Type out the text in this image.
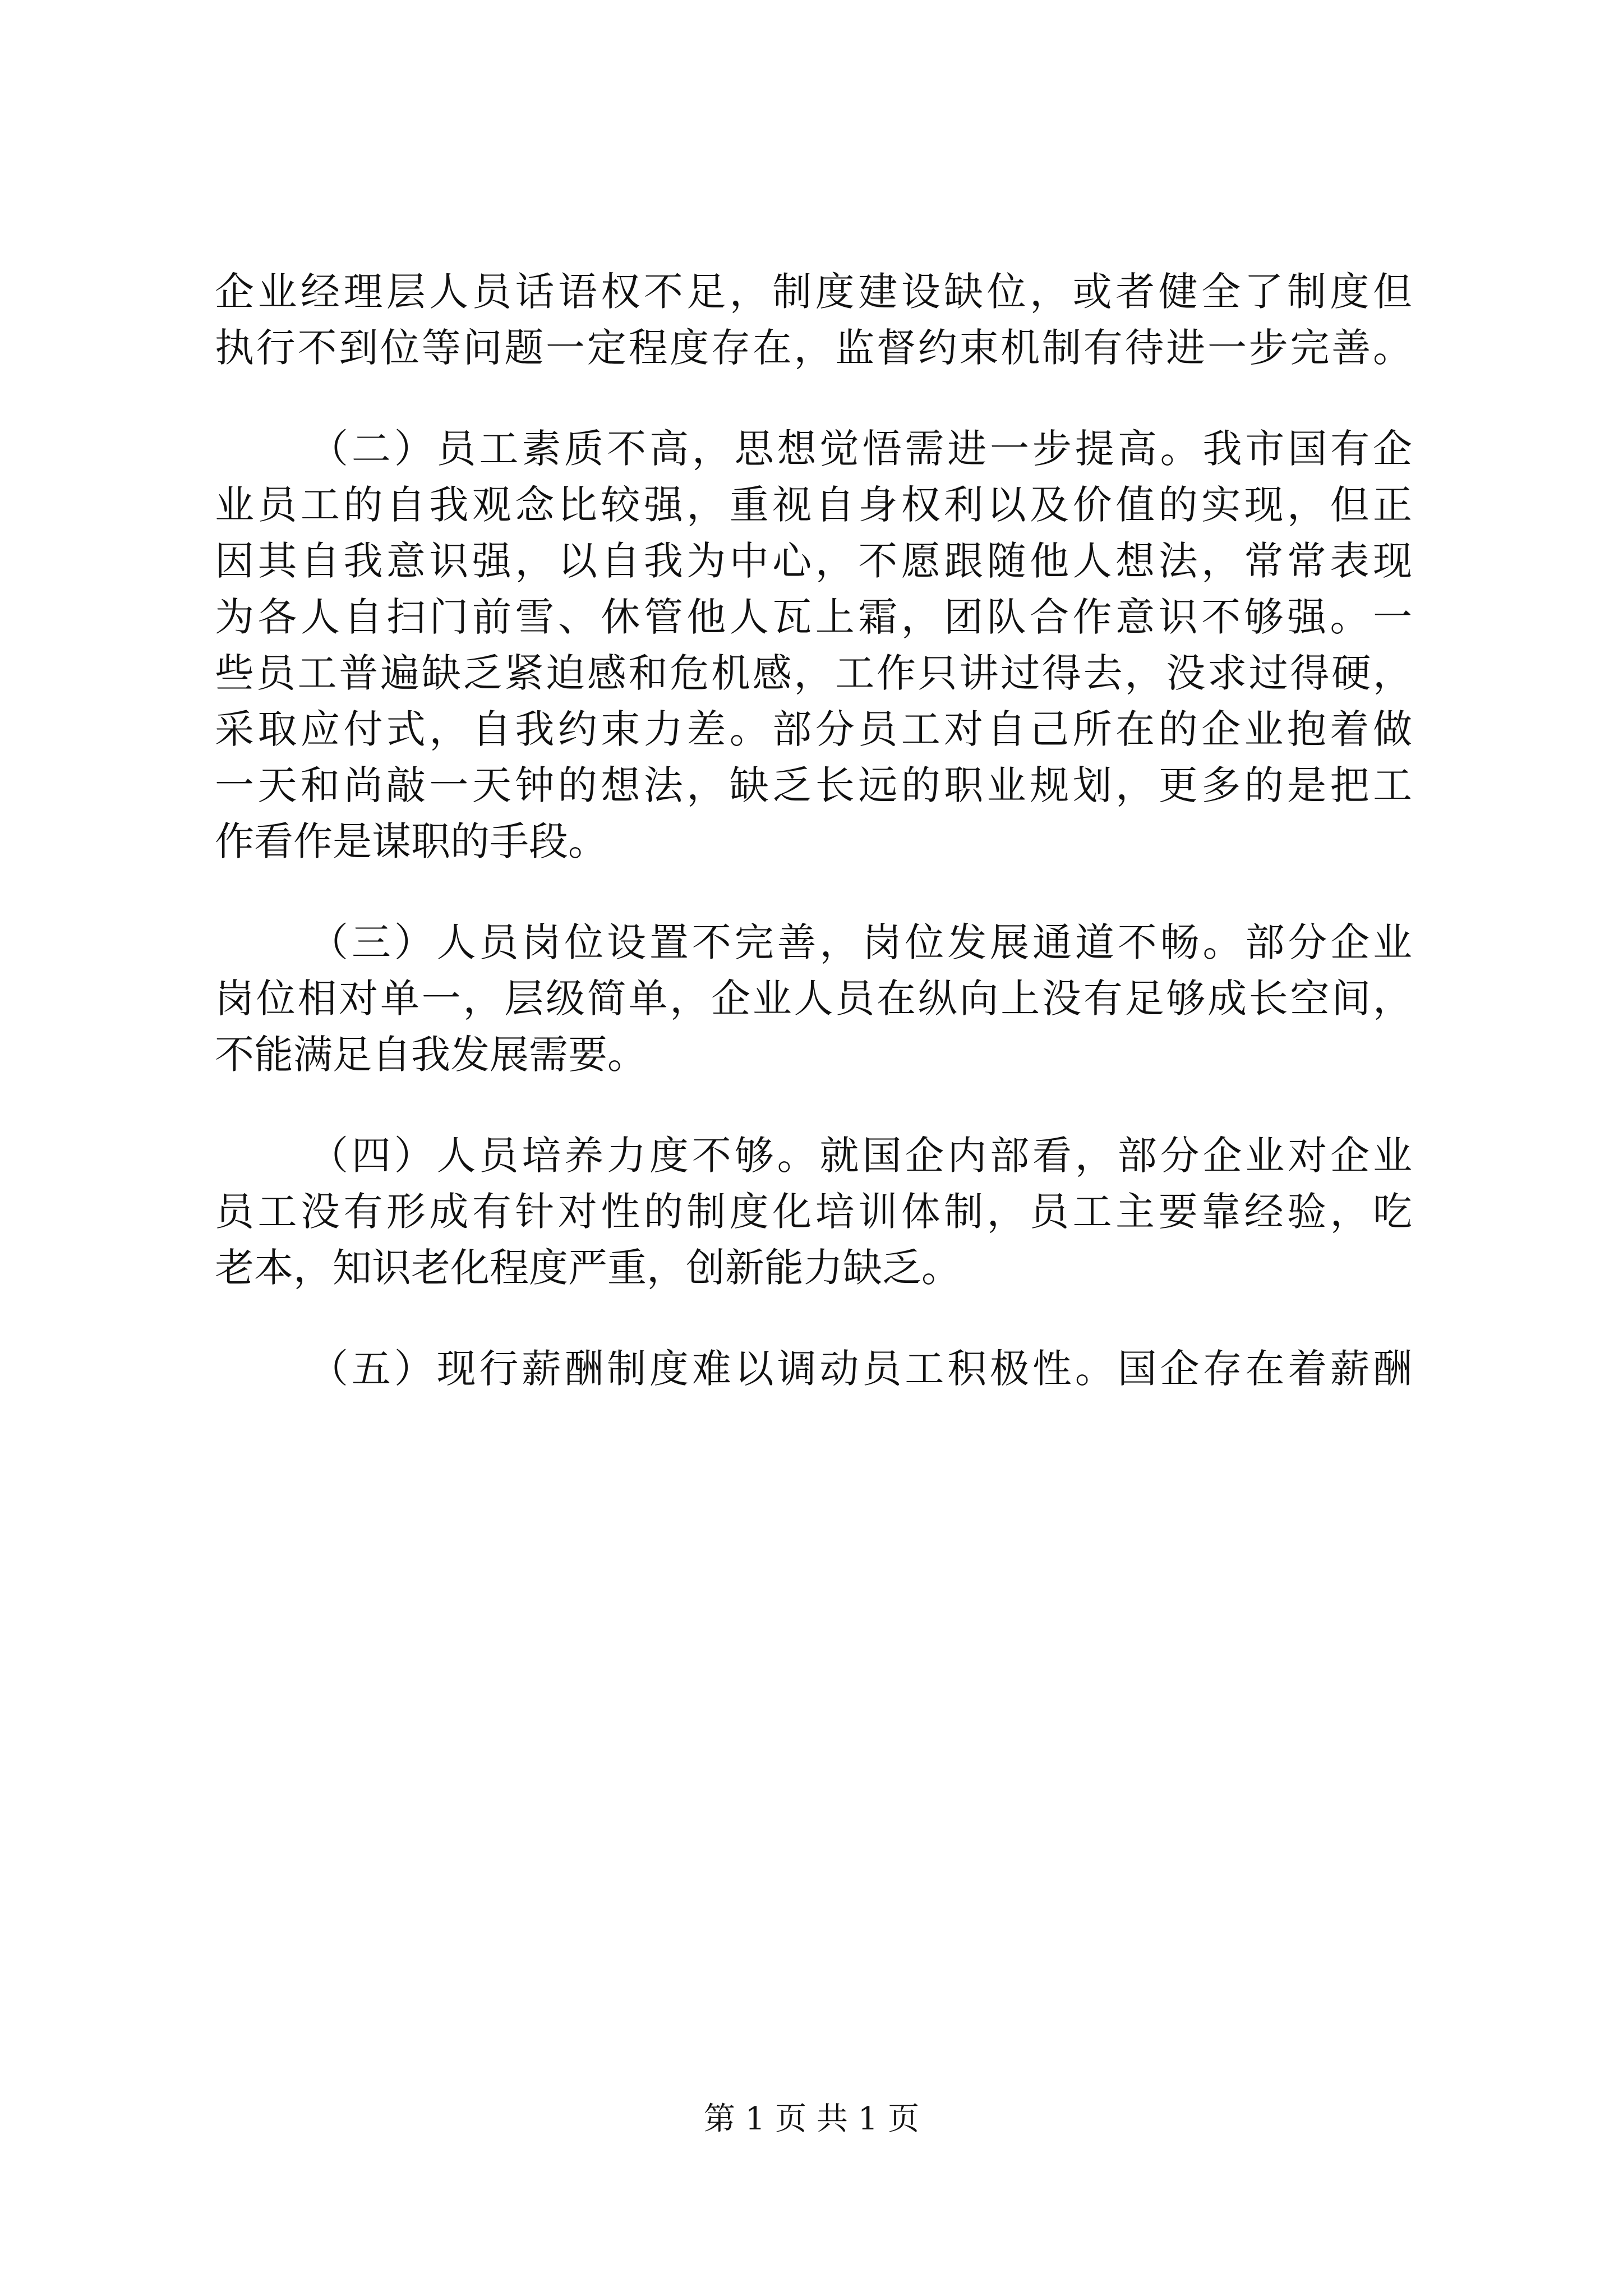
企业经理层人员话语权不足，制度建设缺位，或者健全了制度但
执行不到位等问题一定程度存在，监督约束机制有待进一步完善。
（二）员工素质不高，思想觉悟需进一步提高。我市国有企
业员工的自我观念比较强，重视自身权利以及价值的实现，但正
因其自我意识强，以自我为中心，不愿跟随他人想法，常常表现
为各人自扫门前雪、休管他人瓦上霜，团队合作意识不够强。一
些员工普遍缺乏紧迫感和危机感，工作只讲过得去，没求过得硬，
采取应付式，自我约束力差。部分员工对自己所在的企业抱着做
一天和尚敲一天钟的想法，缺乏长远的职业规划，更多的是把工
作看作是谋职的手段。
（三）人员岗位设置不完善，岗位发展通道不畅。部分企业
岗位相对单一，层级简单，企业人员在纵向上没有足够成长空间，
不能满足自我发展需要。
（四）人员培养力度不够。就国企内部看，部分企业对企业
员工没有形成有针对性的制度化培训体制，员工主要靠经验，吃
老本，知识老化程度严重，创新能力缺乏。
（五）现行薪酬制度难以调动员工积极性。国企存在着薪酬
第 1 页 共 1 页
